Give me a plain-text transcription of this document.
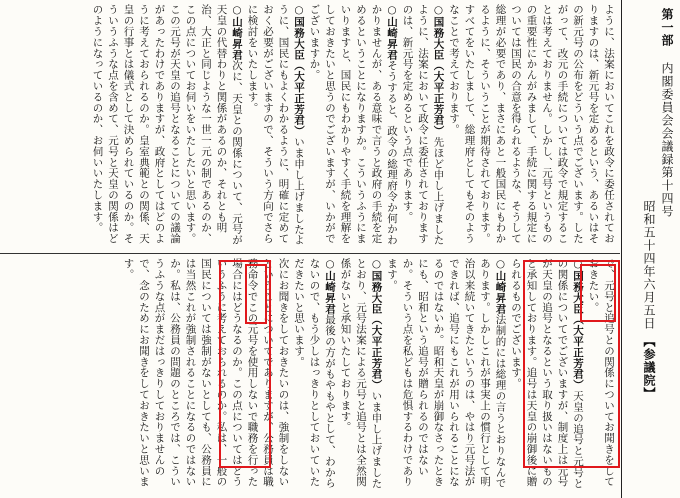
第一部
内閣委員会会議録第十四号
昭和五十四年六月五日
【参議院】

ように、法案においてこれを政令に委任されておりますのは、新元号を定めるという、あるいはその新元号の公布をどういう点でございます。したがって、改元の手続については政令で規定することは考えておりません。しかし、元号というものの重要性にかんがみまして、手続に関する規定については国民の合意を得られるような、そうして総理が必要であり、まさにあと一般国民にもわかるように、そういうことが期待されております。すべてをいたしまして、総理府としてもそのようなことで考えております。

○国務大臣（大平正芳君）先ほど申し上げましたように、法案において政令に委任されておりますのは、新元号を定めるという点であります。

○山崎昇君そうすると、政令の総理府令か何かわかりませんが、ある意味で言うと政府の手続を定めるということになりますか。こういうふうにまいりますと、国民にもわかりやすく手続を理解をしておきたいと思うのでございますが、いかがでございますか。

○国務大臣（大平正芳君）いま申し上げましたように、国民にもよくわかるように、明確に定めておく必要がございますので、そういう方向でさらに検討をいたします。

○山崎昇君次に、天皇との関係について、元号が天皇の代替わりと関係があるのか、それとも明治、大正と同じような一世一元の制であるのか、この点についてお伺いをいたしたいと思います。

この元号が天皇の追号となることについての議論があったわけでありますが、政府としてはどのように考えておられるのか。皇室典範との関係、天皇の行事とは儀式として決められているのか。そういうふうな点を含めて、元号と天皇の関係はどのようになっているのか、お伺いいたします。

で、元号と追号との関係についてお聞きをしておきたい。

○国務大臣（大平正芳君）天皇の追号と元号との関係についてでございますが、制度上は元号が天皇の追号となるという取り扱いはないものと承知しております。追号は天皇の崩御後に贈られるものでございます。

○山崎昇君法制的には総理の言うとおりなんであります。しかしこれが事実上の慣行として明治以来続いてきたというのは、やはり元号法ができれば、追号にもこれが用いられることになるのではないか。昭和天皇が崩御なさったときにも、昭和という追号が贈られるのではないか。そういう点を私どもは危惧するわけであります。

○国務大臣（大平正芳君）いま申し上げましたとおり、元号法案による元号と追号とは全然関係がないと承知いたしております。

○山崎昇君最後の方がもやもやとして、わからないので、もう少しはっきりとしておいていただきたいと思います。

次にお聞きをしておきたいのは、強制をしないということについてでありますが、公務員は職務命令でこの元号を使用しないで職務を行った場合にはどうなるのか。この点についてはどういうふうに考えておられるのか。私は、一般の国民については強制がないとしても、公務員には当然これが強制されることになるのではないか。私は、公務員の問題のところでは、こういうふうな点がまだはっきりしておりませんので、念のためにお聞きをしておきたいと思います。
